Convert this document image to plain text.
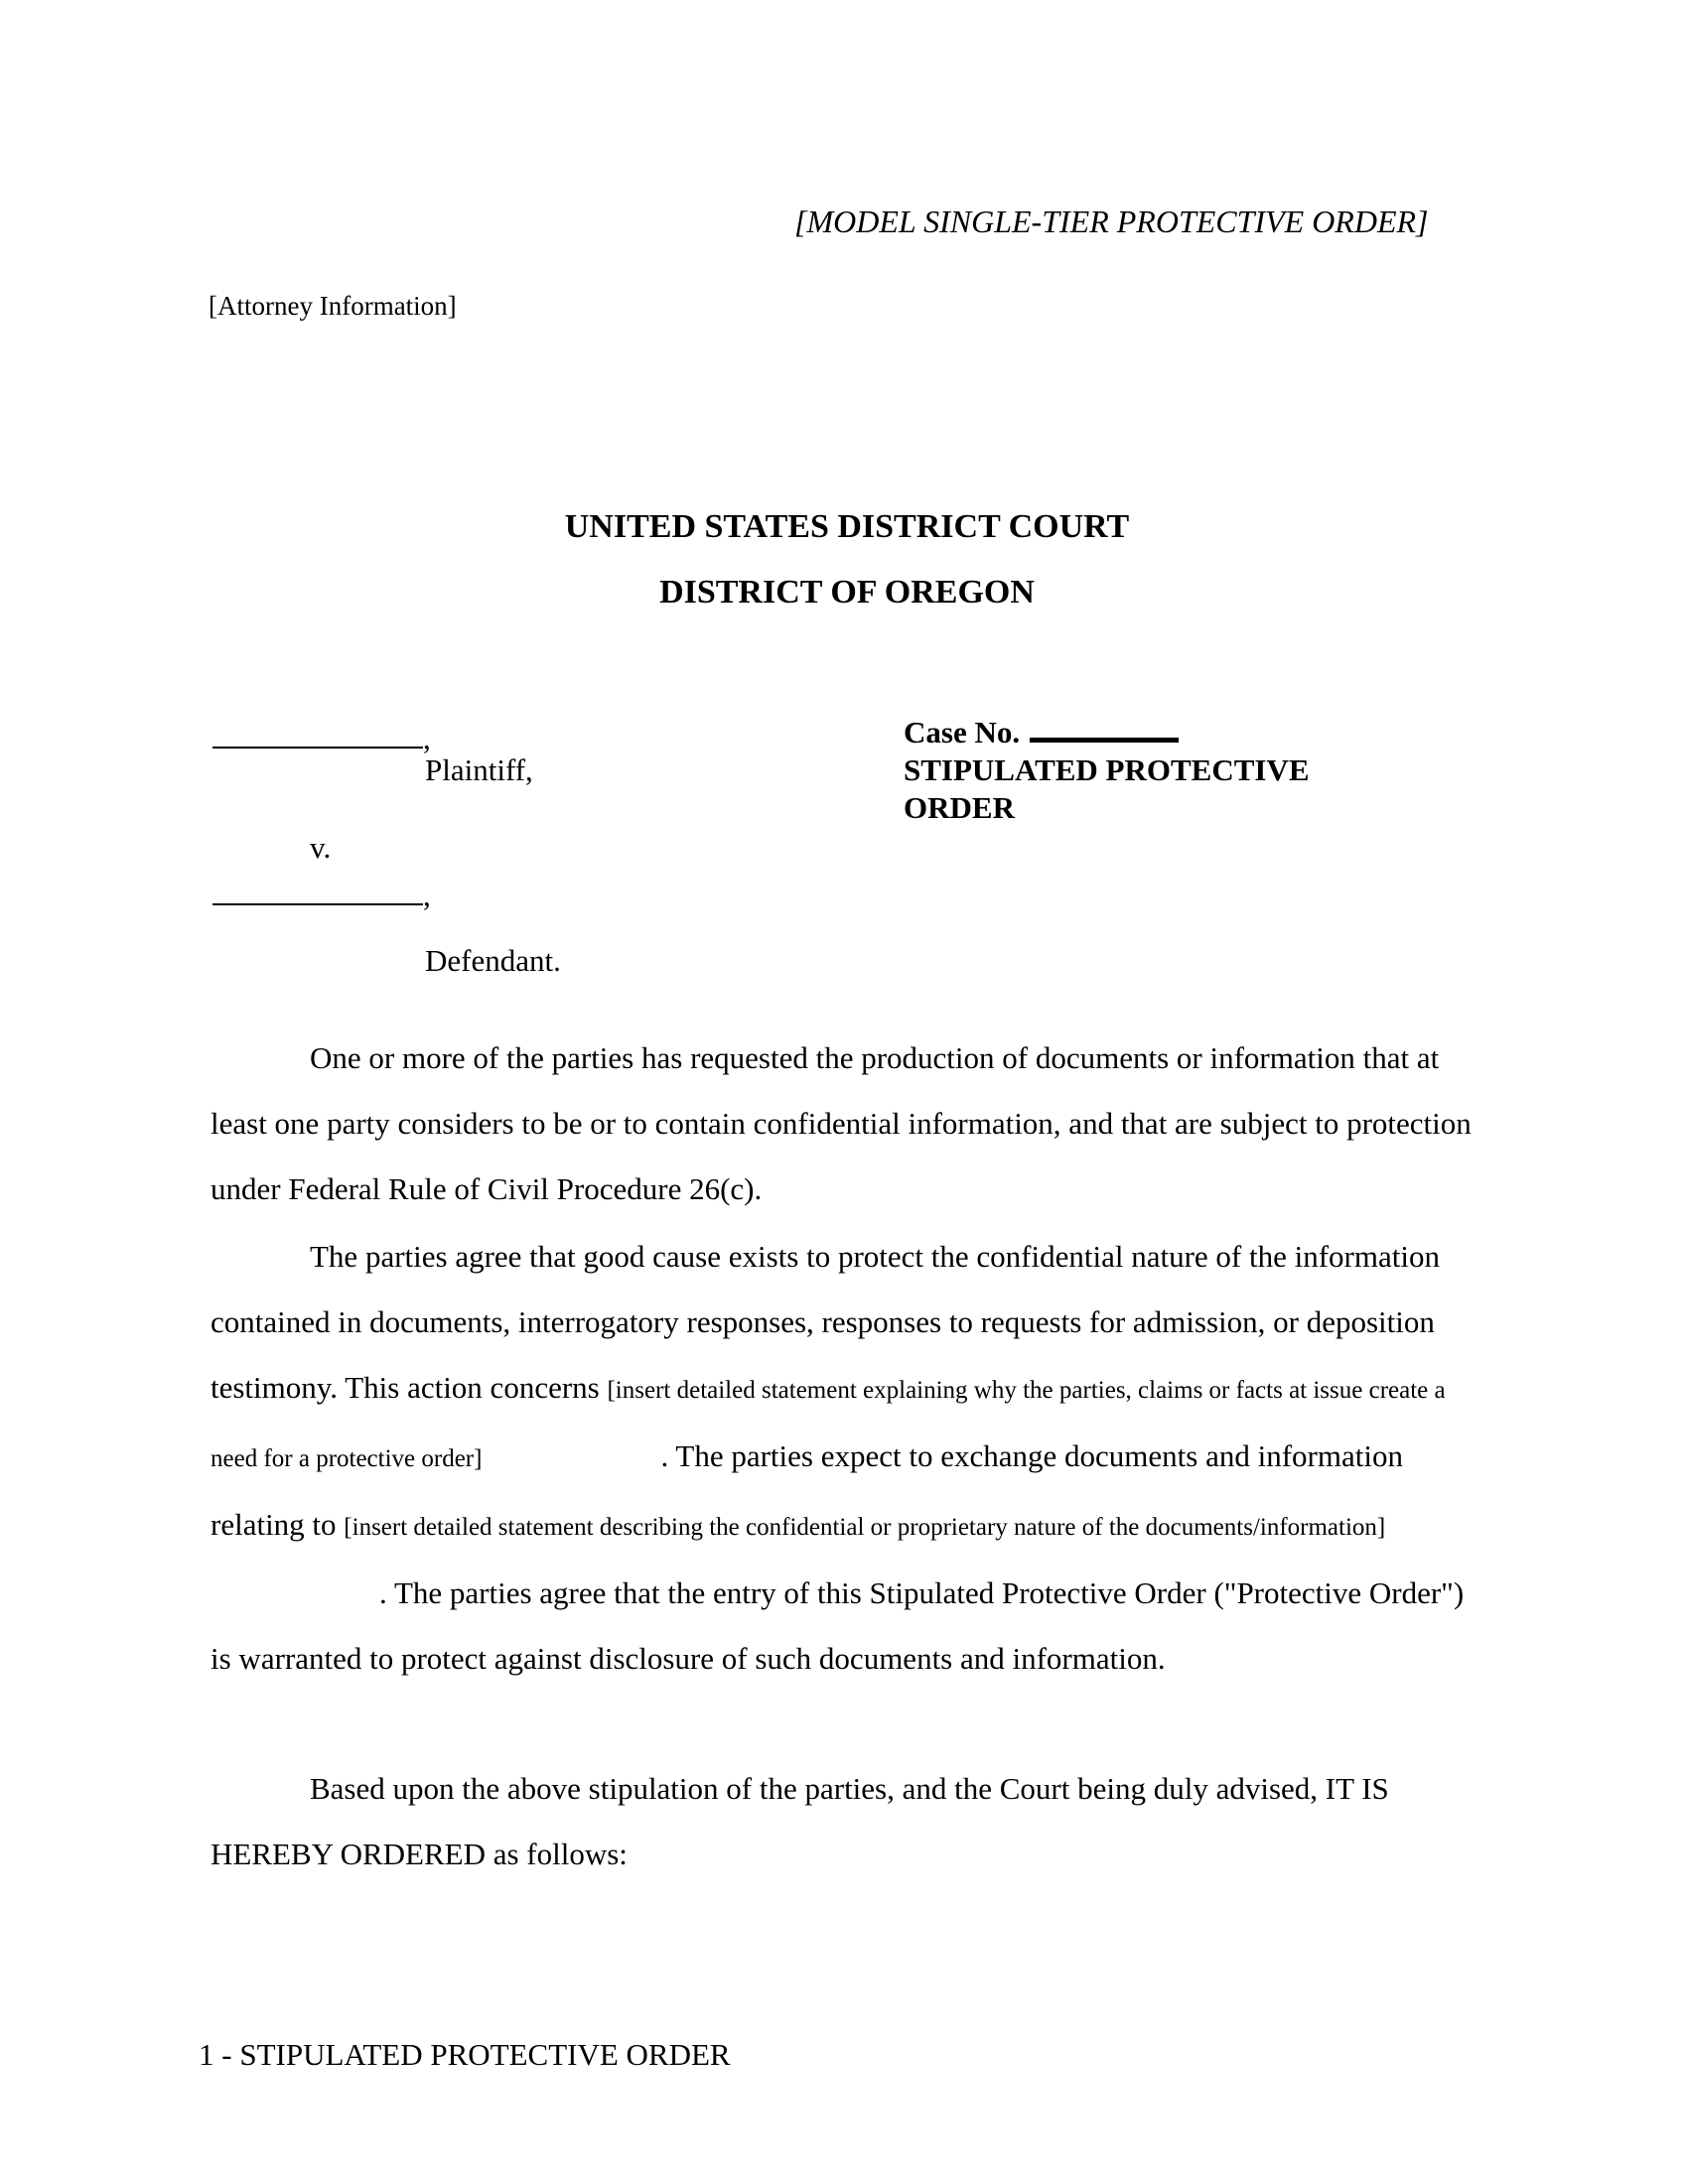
[MODEL SINGLE-TIER PROTECTIVE ORDER]

[Attorney Information]

UNITED STATES DISTRICT COURT

DISTRICT OF OREGON

,

Plaintiff,

v.

,

Defendant.

Case No.

STIPULATED PROTECTIVE

ORDER

One or more of the parties has requested the production of documents or information that at least one party considers to be or to contain confidential information, and that are subject to protection under Federal Rule of Civil Procedure 26(c).

The parties agree that good cause exists to protect the confidential nature of the information contained in documents, interrogatory responses, responses to requests for admission, or deposition testimony. This action concerns [insert detailed statement explaining why the parties, claims or facts at issue create a need for a protective order]	. The parties expect to exchange documents and information relating to [insert detailed statement describing the confidential or proprietary nature of the documents/information]. The parties agree that the entry of this Stipulated Protective Order ("Protective Order") is warranted to protect against disclosure of such documents and information.

Based upon the above stipulation of the parties, and the Court being duly advised, IT IS HEREBY ORDERED as follows:

1 - STIPULATED PROTECTIVE ORDER
